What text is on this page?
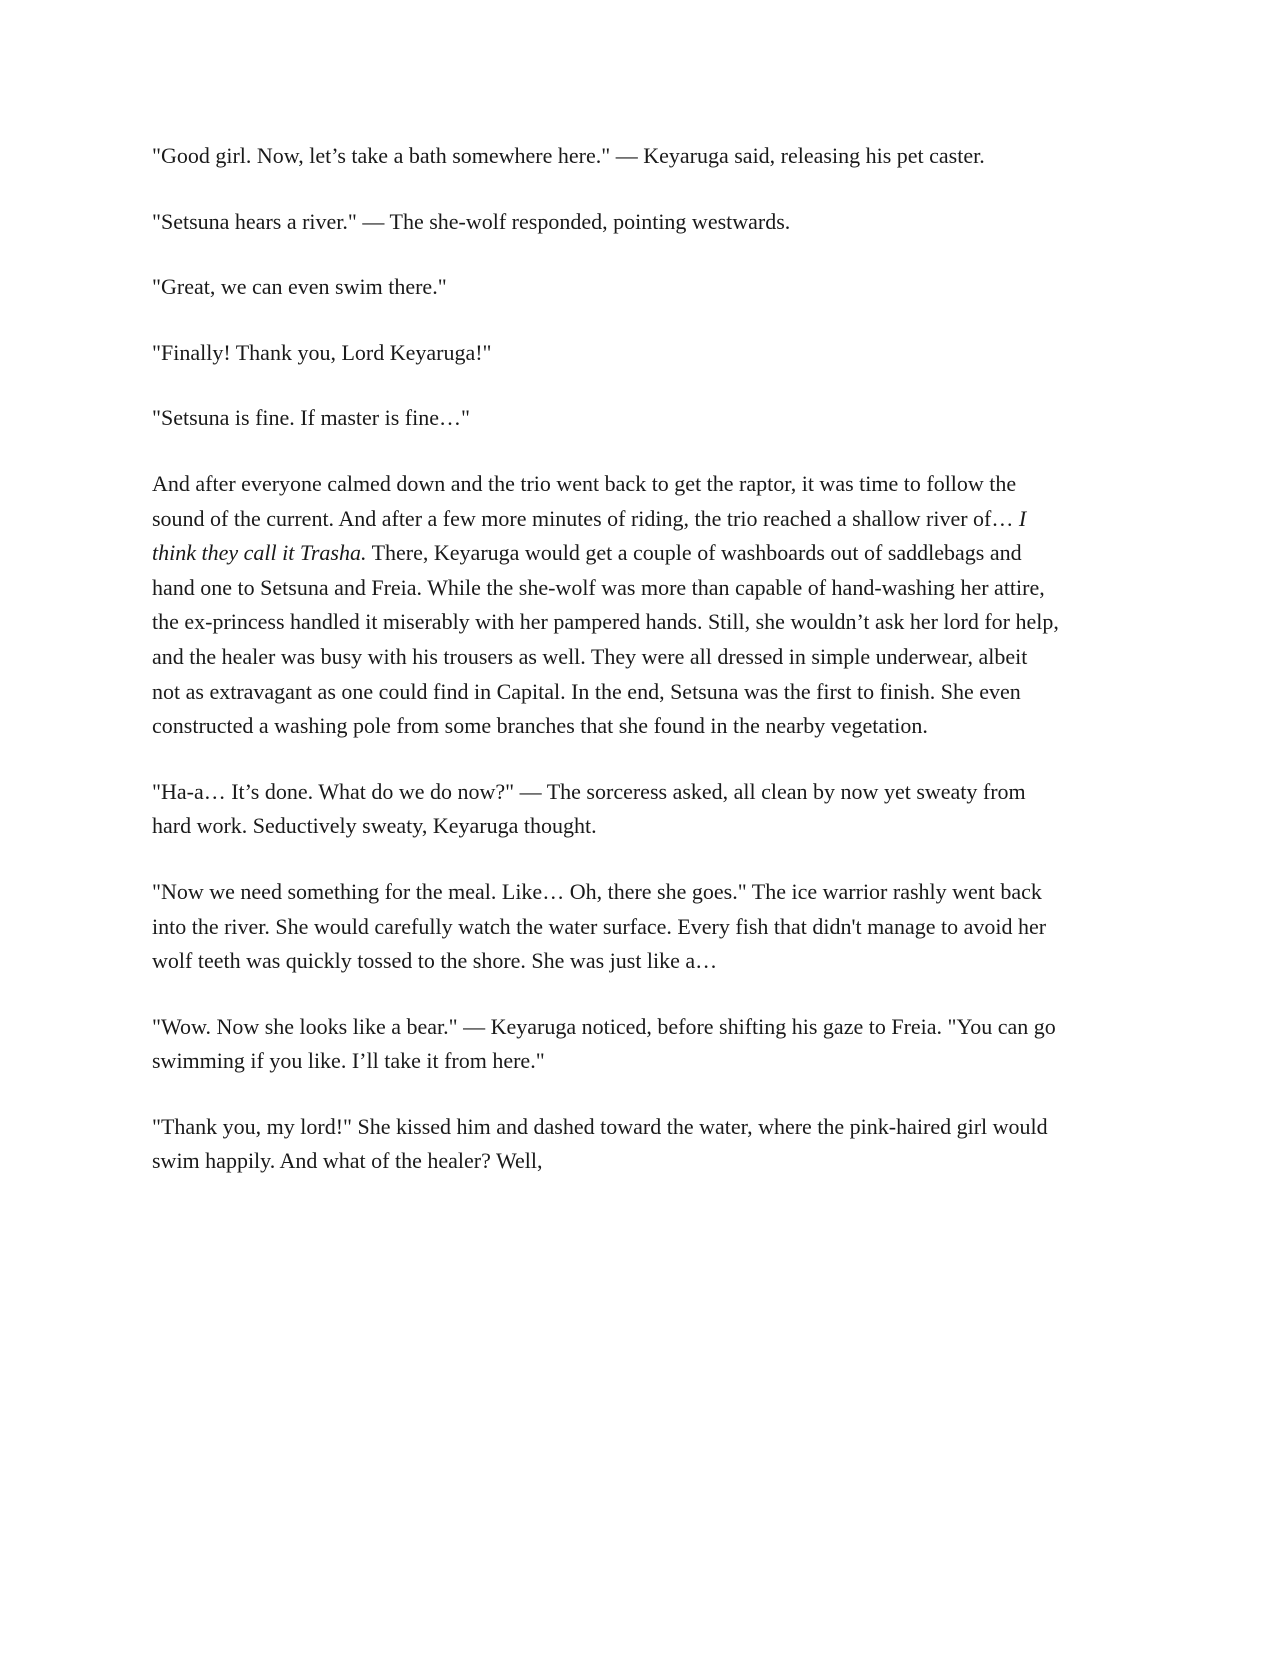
"Good girl. Now, let’s take a bath somewhere here." — Keyaruga said, releasing his pet caster.

"Setsuna hears a river." — The she-wolf responded, pointing westwards.

"Great, we can even swim there."

"Finally! Thank you, Lord Keyaruga!"

"Setsuna is fine. If master is fine…"

And after everyone calmed down and the trio went back to get the raptor, it was time to follow the sound of the current. And after a few more minutes of riding, the trio reached a shallow river of… I think they call it Trasha. There, Keyaruga would get a couple of washboards out of saddlebags and hand one to Setsuna and Freia. While the she-wolf was more than capable of hand-washing her attire, the ex-princess handled it miserably with her pampered hands. Still, she wouldn’t ask her lord for help, and the healer was busy with his trousers as well. They were all dressed in simple underwear, albeit not as extravagant as one could find in Capital. In the end, Setsuna was the first to finish. She even constructed a washing pole from some branches that she found in the nearby vegetation.

"Ha-a… It’s done. What do we do now?" — The sorceress asked, all clean by now yet sweaty from hard work. Seductively sweaty, Keyaruga thought.

"Now we need something for the meal. Like… Oh, there she goes." The ice warrior rashly went back into the river. She would carefully watch the water surface. Every fish that didn't manage to avoid her wolf teeth was quickly tossed to the shore. She was just like a…

"Wow. Now she looks like a bear." — Keyaruga noticed, before shifting his gaze to Freia. "You can go swimming if you like. I’ll take it from here."

"Thank you, my lord!" She kissed him and dashed toward the water, where the pink-haired girl would swim happily. And what of the healer? Well,
